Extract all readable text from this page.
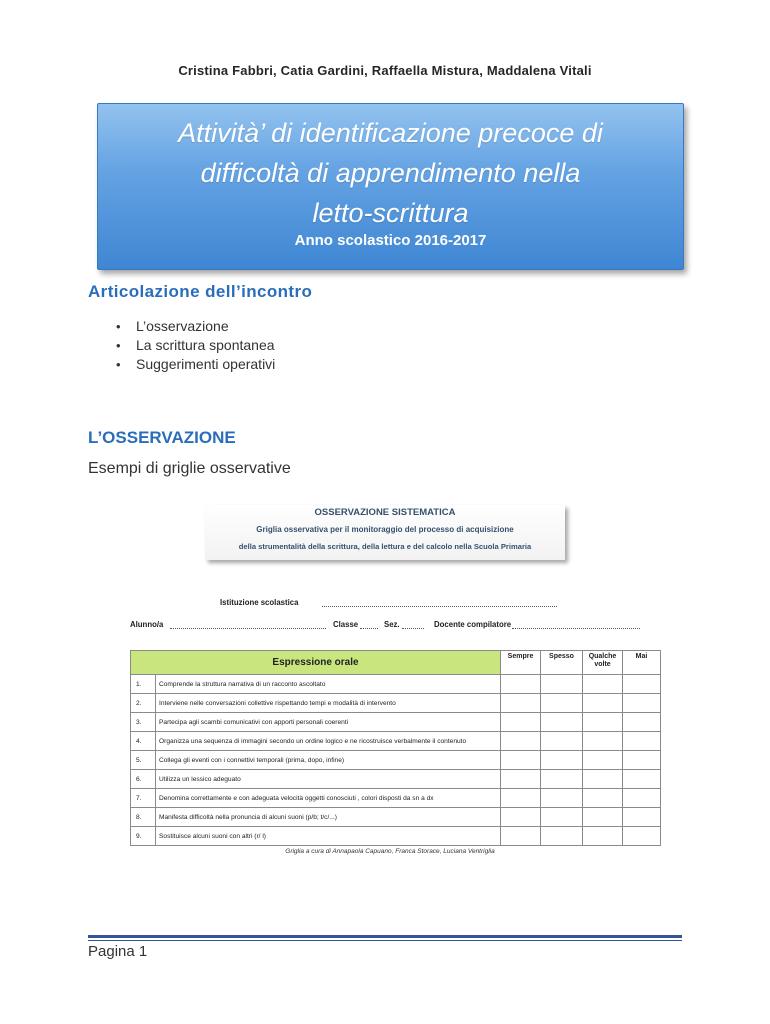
Cristina Fabbri, Catia Gardini, Raffaella Mistura, Maddalena Vitali
Attività’ di identificazione precoce di
difficoltà di apprendimento nella
letto-scrittura
Anno scolastico 2016-2017
Articolazione dell’incontro
• L’osservazione
• La scrittura spontanea
• Suggerimenti operativi
L’OSSERVAZIONE
Esempi di griglie osservative
OSSERVAZIONE SISTEMATICA
Griglia osservativa per il monitoraggio del processo di acquisizione
della strumentalità della scrittura, della lettura e del calcolo nella Scuola Primaria
Istituzione scolastica
Alunno/a	Classe	Sez.	Docente compilatore
Espressione orale		Sempre	Spesso	Qualche volte	Mai
1.	Comprende la struttura narrativa di un racconto ascoltato				
2.	Interviene nelle conversazioni collettive rispettando tempi e modalità di intervento				
3.	Partecipa agli scambi comunicativi con apporti personali coerenti				
4.	Organizza una sequenza di immagini secondo un ordine logico e ne ricostruisce verbalmente il contenuto				
5.	Collega gli eventi con i connettivi temporali (prima, dopo, infine)				
6.	Utilizza un lessico adeguato				
7.	Denomina correttamente e con adeguata velocità oggetti conosciuti , colori disposti da sn a dx				
8.	Manifesta difficoltà nella pronuncia di alcuni suoni (p/b; t/c/...)				
9.	Sostituisce alcuni suoni con altri (r/ l)				
Griglia a cura di Annapaola Capuano, Franca Storace, Luciana Ventriglia
Pagina 1
